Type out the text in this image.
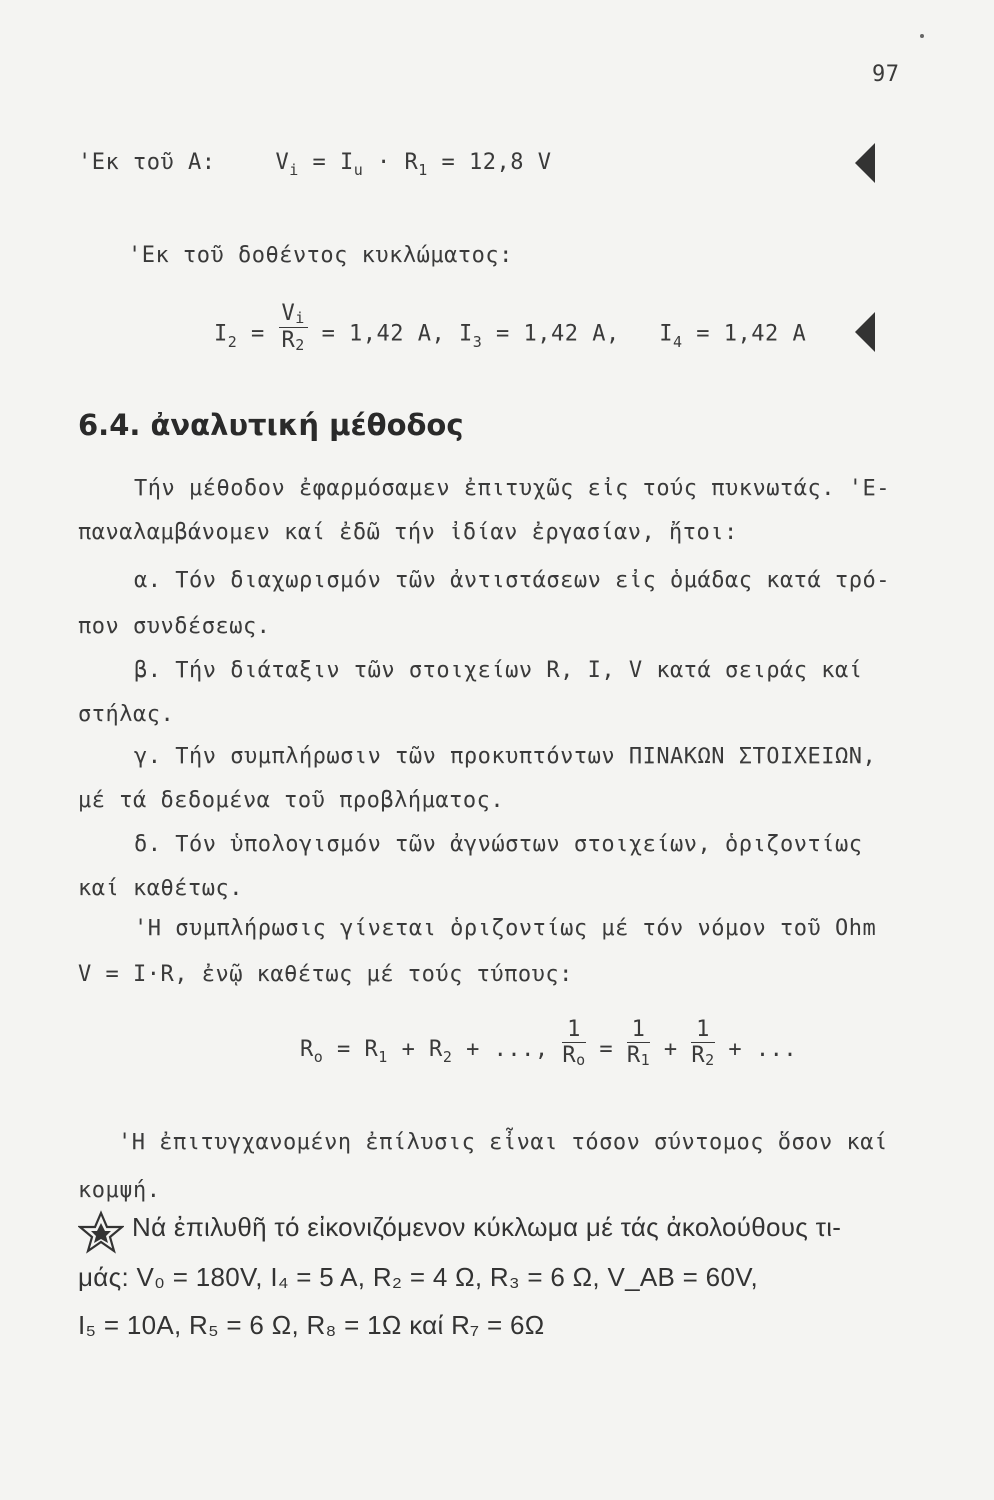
97
'Eκ τοῦ A:	$V_i = I_u \cdot R_1 = 12,8$ V
'Eκ τοῦ δοθέντος κυκλώματος:
$I_2 = \frac{Vi}{R2} = 1,42$ A, $I_3 = 1,42$ A, $I_4 = 1,42$ A
6.4. ἀναλυτική μέθοδος
Τήν μέθοδον ἐφαρμόσαμεν ἐπιτυχῶς εἰς τούς πυκνωτάς. 'Ε-
παναλαμβάνομεν καί ἐδῶ τήν ἰδίαν ἐργασίαν, ἤτοι:
α. Τόν διαχωρισμόν τῶν ἀντιστάσεων εἰς ὁμάδας κατά τρό-
πον συνδέσεως.
β. Τήν διάταξιν τῶν στοιχείων R, I, V κατά σειράς καί
στήλας.
γ. Τήν συμπλήρωσιν τῶν προκυπτόντων ΠΙΝΑΚΩΝ ΣΤΟΙΧΕΙΩΝ,
μέ τά δεδομένα τοῦ προβλήματος.
δ. Τόν ὑπολογισμόν τῶν ἀγνώστων στοιχείων, ὁριζοντίως
καί καθέτως.
'Η συμπλήρωσις γίνεται ὁριζοντίως μέ τόν νόμον τοῦ Ohm
V = I·R, ἐνῷ καθέτως μέ τούς τύπους:
$R_o = R_1 + R_2$ + ..., $\frac{1}{Ro} = \frac{1}{R1} + \frac{1}{R2}$ + ...
'Η ἐπιτυγχανομένη ἐπίλυσις εἶναι τόσον σύντομος ὅσον καί
κομψή.
Νά ἐπιλυθῆ τό εἰκονιζόμενον κύκλωμα μέ τάς ἀκολούθους τι-
μάς: V₀ = 180V, I₄ = 5 A, R₂ = 4 Ω, R₃ = 6 Ω, V_AB = 60V,
I₅ = 10A, R₅ = 6 Ω, R₈ = 1Ω καί R₇ = 6Ω
